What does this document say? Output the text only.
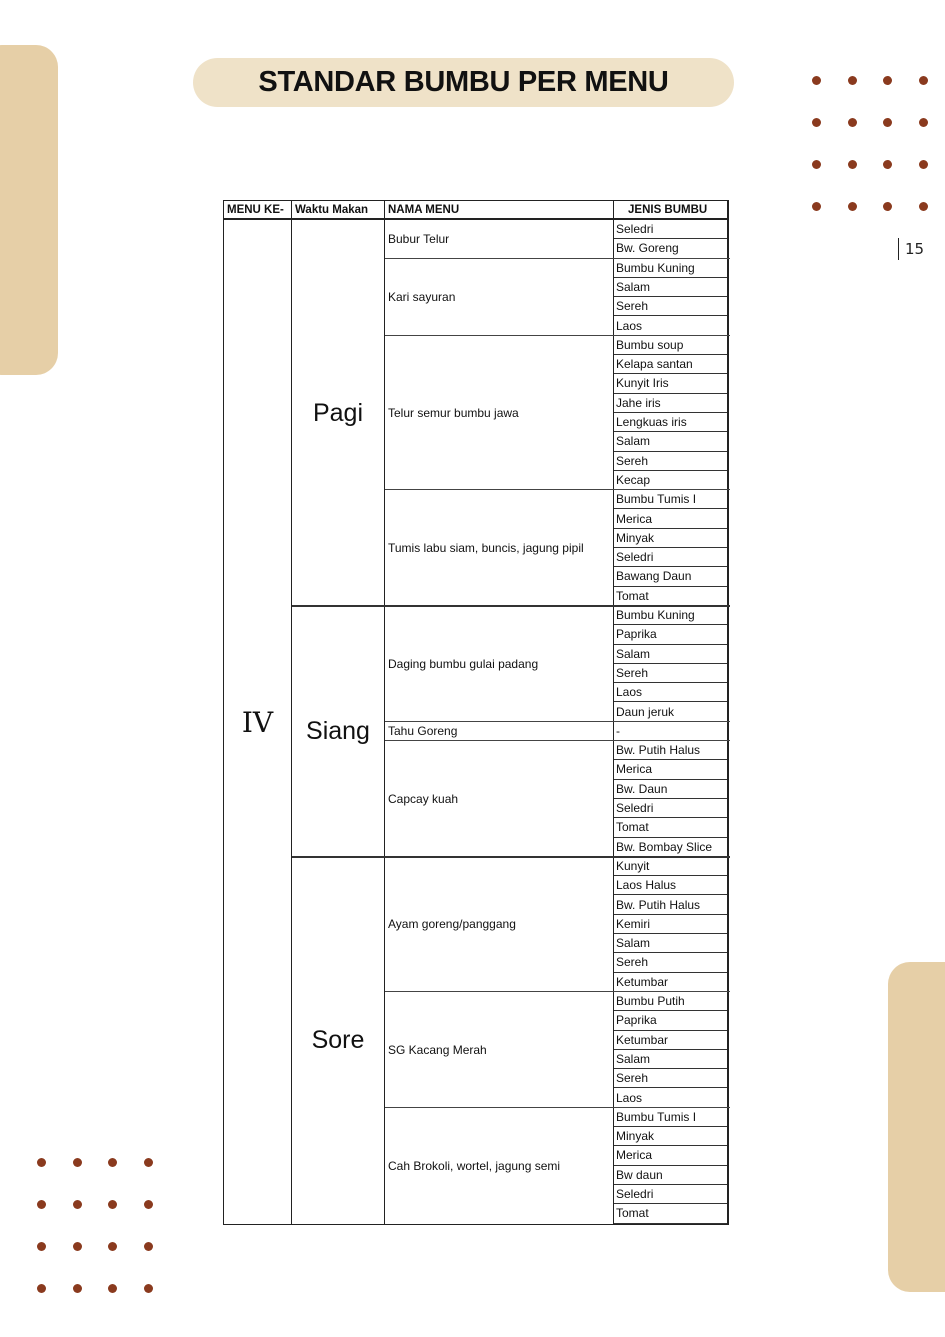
STANDAR BUMBU PER MENU
15
MENU KE- Waktu Makan	NAMA MENU	JENIS BUMBU
IV
Seledri
Bw. Goreng
Bubur Telur
Bumbu Kuning
Salam
Sereh
Laos
Kari sayuran
Bumbu soup
Kelapa santan
Kunyit Iris
Jahe iris
Lengkuas iris
Salam
Sereh
Kecap
Telur semur bumbu jawa
Bumbu Tumis I
Merica
Minyak
Seledri
Bawang Daun
Tomat
Tumis labu siam, buncis, jagung pipil
Pagi
Bumbu Kuning
Paprika
Salam
Sereh
Laos
Daun jeruk
Daging bumbu gulai padang
-
Tahu Goreng
Bw. Putih Halus
Merica
Bw. Daun
Seledri
Tomat
Bw. Bombay Slice
Capcay kuah
Siang
Kunyit
Laos Halus
Bw. Putih Halus
Kemiri
Salam
Sereh
Ketumbar
Ayam goreng/panggang
Bumbu Putih
Paprika
Ketumbar
Salam
Sereh
Laos
SG Kacang Merah
Bumbu Tumis I
Minyak
Merica
Bw daun
Seledri
Tomat
Cah Brokoli, wortel, jagung semi
Sore
